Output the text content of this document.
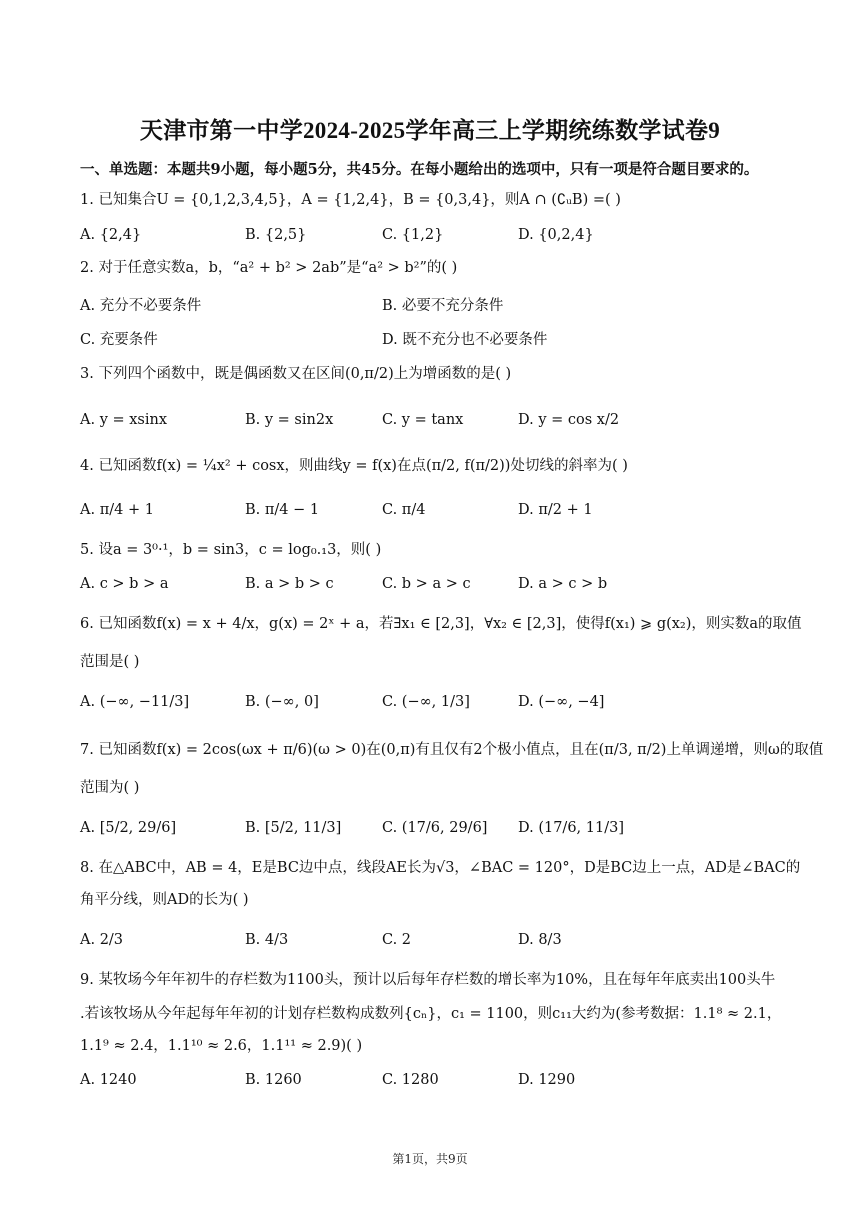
天津市第一中学2024-2025学年高三上学期统练数学试卷9
一、单选题：本题共9小题，每小题5分，共45分。在每小题给出的选项中，只有一项是符合题目要求的。
1. 已知集合U = {0,1,2,3,4,5}，A = {1,2,4}，B = {0,3,4}，则A ∩ (∁ᵤB) =( )
A. {2,4}	B. {2,5}	C. {1,2}	D. {0,2,4}
2. 对于任意实数a，b，“a² + b² > 2ab”是“a² > b²”的( )
A. 充分不必要条件	B. 必要不充分条件
C. 充要条件	D. 既不充分也不必要条件
3. 下列四个函数中，既是偶函数又在区间(0,π/2)上为增函数的是( )
A. y = xsinx	B. y = sin2x	C. y = tanx	D. y = cos x/2
4. 已知函数f(x) = ¼x² + cosx，则曲线y = f(x)在点(π/2, f(π/2))处切线的斜率为( )
A. π/4 + 1	B. π/4 − 1	C. π/4	D. π/2 + 1
5. 设a = 3⁰·¹，b = sin3，c = log₀.₁3，则( )
A. c > b > a	B. a > b > c	C. b > a > c	D. a > c > b
6. 已知函数f(x) = x + 4/x，g(x) = 2ˣ + a，若∃x₁ ∈ [2,3]，∀x₂ ∈ [2,3]，使得f(x₁) ⩾ g(x₂)，则实数a的取值
范围是( )
A. (−∞, −11/3]	B. (−∞, 0]	C. (−∞, 1/3]	D. (−∞, −4]
7. 已知函数f(x) = 2cos(ωx + π/6)(ω > 0)在(0,π)有且仅有2个极小值点，且在(π/3, π/2)上单调递增，则ω的取值
范围为( )
A. [5/2, 29/6]	B. [5/2, 11/3]	C. (17/6, 29/6] D. (17/6, 11/3]
8. 在△ABC中，AB = 4，E是BC边中点，线段AE长为√3，∠BAC = 120°，D是BC边上一点，AD是∠BAC的
角平分线，则AD的长为( )
A. 2/3	B. 4/3	C. 2	D. 8/3
9. 某牧场今年年初牛的存栏数为1100头，预计以后每年存栏数的增长率为10%，且在每年年底卖出100头牛
.若该牧场从今年起每年年初的计划存栏数构成数列{cₙ}，c₁ = 1100，则c₁₁大约为(参考数据：1.1⁸ ≈ 2.1，
1.1⁹ ≈ 2.4，1.1¹⁰ ≈ 2.6，1.1¹¹ ≈ 2.9)( )
A. 1240	B. 1260	C. 1280	D. 1290
第1页，共9页
